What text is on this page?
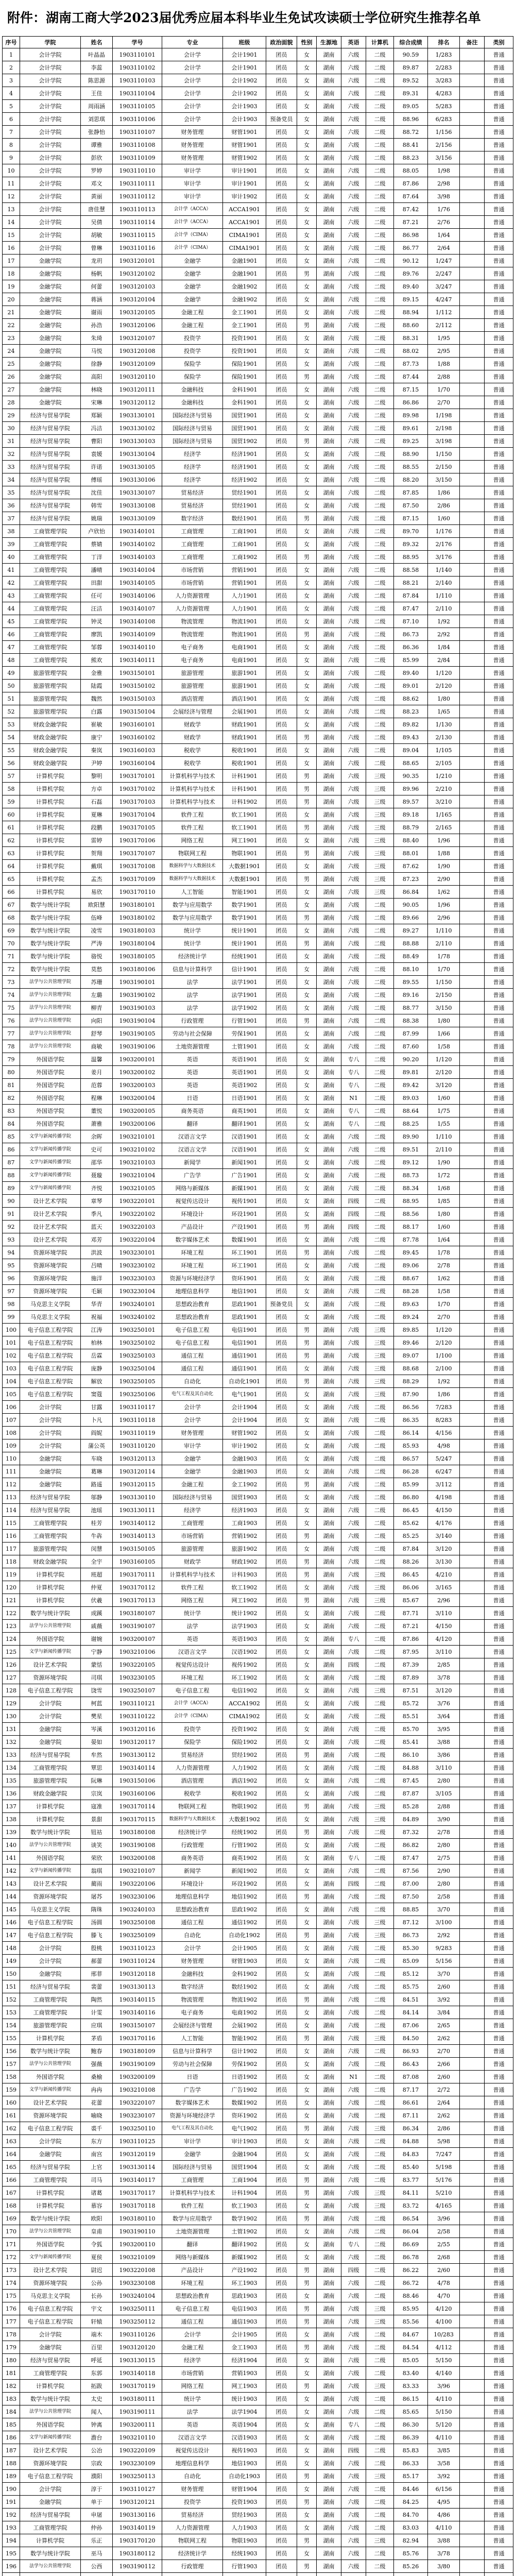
附件：湖南工商大学2023届优秀应届本科毕业生免试攻读硕士学位研究生推荐名单
序号	学院	姓名	学号	专业	班级	政治面貌	性别	生源地	英语	计算机	综合成绩	排名	备注	类别
1	会计学院	叶晶晶	1903110101	会计学	会计1901	团员	女	湖南	六级	二级	90.59	1/283		普通
2	会计学院	李蕊	1903110102	会计学	会计1901	团员	女	湖南	六级	二级	89.87	2/283		普通
3	会计学院	陈思源	1903110103	会计学	会计1902	团员	女	湖南	六级	二级	89.52	3/283		普通
4	会计学院	王佳	1903110104	会计学	会计1902	团员	女	湖南	六级	二级	89.31	4/283		普通
5	会计学院	周雨涵	1903110105	会计学	会计1903	团员	女	湖南	六级	二级	89.05	5/283		普通
6	会计学院	刘思琪	1903110106	会计学	会计1903	预备党员	女	湖南	六级	二级	88.96	6/283		普通
7	会计学院	张静怡	1903110107	财务管理	财管1901	团员	女	湖南	六级	二级	88.72	1/156		普通
8	会计学院	谭雅	1903110108	财务管理	财管1901	团员	女	湖南	六级	二级	88.41	2/156		普通
9	会计学院	彭欣	1903110109	财务管理	财管1902	团员	女	湖南	六级	二级	88.23	3/156		普通
10	会计学院	罗婷	1903110110	审计学	审计1901	团员	女	湖南	六级	二级	88.05	1/98		普通
11	会计学院	邓文	1903110111	审计学	审计1901	团员	女	湖南	六级	二级	87.86	2/98		普通
12	会计学院	黄丽	1903110112	审计学	审计1902	团员	女	湖南	六级	二级	87.64	3/98		普通
13	会计学院	唐佳慧	1903110113	会计学（ACCA）	ACCA1901	团员	女	湖南	六级	二级	87.42	1/76		普通
14	会计学院	吴倩	1903110114	会计学（ACCA）	ACCA1901	团员	女	湖南	六级	二级	87.21	2/76		普通
15	会计学院	胡敏	1903110115	会计学（CIMA）	CIMA1901	团员	女	湖南	六级	二级	86.98	1/64		普通
16	会计学院	曾琳	1903110116	会计学（CIMA）	CIMA1901	团员	女	湖南	六级	二级	86.77	2/64		普通
17	金融学院	龙玥	1903120101	金融学	金融1901	团员	女	湖南	六级	二级	90.12	1/247		普通
18	金融学院	杨帆	1903120102	金融学	金融1901	团员	男	湖南	六级	二级	89.76	2/247		普通
19	金融学院	何蕾	1903120103	金融学	金融1902	团员	女	湖南	六级	二级	89.40	3/247		普通
20	金融学院	蒋涵	1903120104	金融学	金融1902	团员	女	湖南	六级	二级	89.15	4/247		普通
21	金融学院	谢雨	1903120105	金融工程	金工1901	团员	女	湖南	六级	二级	88.94	1/112		普通
22	金融学院	孙浩	1903120106	金融工程	金工1901	团员	男	湖南	六级	二级	88.60	2/112		普通
23	金融学院	朱琦	1903120107	投资学	投资1901	团员	女	湖南	六级	二级	88.31	1/95		普通
24	金融学院	马悦	1903120108	投资学	投资1901	团员	女	湖南	六级	二级	88.02	2/95		普通
25	金融学院	徐静	1903120109	保险学	保险1901	团员	女	湖南	六级	二级	87.73	1/88		普通
26	金融学院	高阳	1903120110	保险学	保险1901	团员	男	湖南	六级	二级	87.44	2/88		普通
27	金融学院	林晓	1903120111	金融科技	金科1901	团员	女	湖南	六级	二级	87.15	1/70		普通
28	金融学院	宋琳	1903120112	金融科技	金科1901	团员	女	湖南	六级	二级	86.86	2/70		普通
29	经济与贸易学院	郑颖	1903130101	国际经济与贸易	国贸1901	团员	女	湖南	六级	二级	89.98	1/198		普通
30	经济与贸易学院	冯洁	1903130102	国际经济与贸易	国贸1901	团员	女	湖南	六级	二级	89.61	2/198		普通
31	经济与贸易学院	曹阳	1903130103	国际经济与贸易	国贸1902	团员	男	湖南	六级	二级	89.25	3/198		普通
32	经济与贸易学院	袁媛	1903130104	经济学	经济1901	团员	女	湖南	六级	二级	88.90	1/150		普通
33	经济与贸易学院	许诺	1903130105	经济学	经济1901	团员	女	湖南	六级	二级	88.55	2/150		普通
34	经济与贸易学院	傅瑶	1903130106	经济学	经济1902	团员	女	湖南	六级	二级	88.20	3/150		普通
35	经济与贸易学院	沈佳	1903130107	贸易经济	贸经1901	团员	女	湖南	六级	二级	87.85	1/86		普通
36	经济与贸易学院	韩雪	1903130108	贸易经济	贸经1901	团员	女	湖南	六级	二级	87.50	2/86		普通
37	经济与贸易学院	姚瑞	1903130109	数字经济	数经1901	团员	男	湖南	六级	二级	87.15	1/60		普通
38	工商管理学院	卢欣怡	1903140101	工商管理	工商1901	团员	女	湖南	六级	二级	89.70	1/176		普通
39	工商管理学院	蔡婧	1903140102	工商管理	工商1901	团员	女	湖南	六级	二级	89.32	2/176		普通
40	工商管理学院	丁洋	1903140103	工商管理	工商1902	团员	男	湖南	六级	二级	88.95	3/176		普通
41	工商管理学院	潘晴	1903140104	市场营销	营销1901	团员	女	湖南	六级	二级	88.58	1/140		普通
42	工商管理学院	田甜	1903140105	市场营销	营销1901	团员	女	湖南	六级	二级	88.21	2/140		普通
43	工商管理学院	任可	1903140106	人力资源管理	人力1901	团员	女	湖南	六级	二级	87.84	1/110		普通
44	工商管理学院	汪洁	1903140107	人力资源管理	人力1901	团员	女	湖南	六级	二级	87.47	2/110		普通
45	工商管理学院	钟灵	1903140108	物流管理	物流1901	团员	女	湖南	六级	二级	87.10	1/92		普通
46	工商管理学院	廖凯	1903140109	物流管理	物流1901	团员	男	湖南	六级	二级	86.73	2/92		普通
47	工商管理学院	邹蓉	1903140110	电子商务	电商1901	团员	女	湖南	六级	二级	86.36	1/84		普通
48	工商管理学院	熊欢	1903140111	电子商务	电商1901	团员	女	湖南	六级	二级	85.99	2/84		普通
49	旅游管理学院	金雅	1903150101	旅游管理	旅游1901	团员	女	湖南	六级	二级	89.40	1/120		普通
50	旅游管理学院	陆霞	1903150102	旅游管理	旅游1901	团员	女	湖南	六级	二级	89.01	2/120		普通
51	旅游管理学院	魏然	1903150103	酒店管理	酒店1901	团员	女	湖南	六级	二级	88.62	1/80		普通
52	旅游管理学院	白露	1903150104	会展经济与管理	会展1901	团员	女	湖南	六级	二级	88.23	1/65		普通
53	财政金融学院	崔敏	1903160101	财政学	财政1901	团员	女	湖南	六级	二级	89.82	1/130		普通
54	财政金融学院	康宁	1903160102	财政学	财政1901	团员	男	湖南	六级	二级	89.43	2/130		普通
55	财政金融学院	秦岚	1903160103	税收学	税收1901	团员	女	湖南	六级	二级	89.04	1/105		普通
56	财政金融学院	尹婷	1903160104	税收学	税收1901	团员	女	湖南	六级	二级	88.65	2/105		普通
57	计算机学院	黎明	1903170101	计算机科学与技术	计科1901	团员	男	湖南	六级	三级	90.35	1/210		普通
58	计算机学院	方卓	1903170102	计算机科学与技术	计科1901	团员	男	湖南	六级	三级	89.96	2/210		普通
59	计算机学院	石磊	1903170103	计算机科学与技术	计科1902	团员	男	湖南	六级	三级	89.57	3/210		普通
60	计算机学院	夏琳	1903170104	软件工程	软工1901	团员	女	湖南	六级	三级	89.18	1/165		普通
61	计算机学院	段鹏	1903170105	软件工程	软工1901	团员	男	湖南	六级	三级	88.79	2/165		普通
62	计算机学院	雷婷	1903170106	网络工程	网工1901	团员	女	湖南	六级	三级	88.40	1/96		普通
63	计算机学院	贺翔	1903170107	物联网工程	物联1901	团员	男	湖南	六级	三级	88.01	1/88		普通
64	计算机学院	戴琪	1903170108	数据科学与大数据技术	大数据1901	团员	女	湖南	六级	三级	87.62	1/90		普通
65	计算机学院	孟杰	1903170109	数据科学与大数据技术	大数据1901	团员	男	湖南	六级	三级	87.23	2/90		普通
66	计算机学院	易欣	1903170110	人工智能	智能1901	团员	女	湖南	六级	三级	86.84	1/62		普通
67	数学与统计学院	欧阳慧	1903180101	数学与应用数学	数学1901	团员	女	湖南	六级	二级	90.05	1/96		普通
68	数学与统计学院	伍峰	1903180102	数学与应用数学	数学1901	团员	男	湖南	六级	二级	89.66	2/96		普通
69	数学与统计学院	凌雪	1903180103	统计学	统计1901	团员	女	湖南	六级	二级	89.27	1/110		普通
70	数学与统计学院	严涛	1903180104	统计学	统计1901	团员	男	湖南	六级	二级	88.88	2/110		普通
71	数学与统计学院	骆悦	1903180105	经济统计学	经统1901	团员	女	湖南	六级	二级	88.49	1/78		普通
72	数学与统计学院	莫愁	1903180106	信息与计算科学	信计1901	团员	女	湖南	六级	二级	88.10	1/70		普通
73	法学与公共管理学院	苏珊	1903190101	法学	法学1901	团员	女	湖南	六级	二级	89.55	1/150		普通
74	法学与公共管理学院	左璐	1903190102	法学	法学1901	团员	女	湖南	六级	二级	89.16	2/150		普通
75	法学与公共管理学院	柳青	1903190103	法学	法学1902	团员	女	湖南	六级	二级	88.77	3/150		普通
76	法学与公共管理学院	向阳	1903190104	行政管理	行管1901	团员	男	湖南	六级	二级	88.38	1/80		普通
77	法学与公共管理学院	舒琴	1903190105	劳动与社会保障	劳保1901	团员	女	湖南	六级	二级	87.99	1/66		普通
78	法学与公共管理学院	商敏	1903190106	土地资源管理	土管1901	团员	女	湖南	六级	二级	87.60	1/58		普通
79	外国语学院	温馨	1903200101	英语	英语1901	团员	女	湖南	专八	二级	90.20	1/120		普通
80	外国语学院	姜月	1903200102	英语	英语1901	团员	女	湖南	专八	二级	89.81	2/120		普通
81	外国语学院	范蓉	1903200103	英语	英语1902	团员	女	湖南	专八	二级	89.42	3/120		普通
82	外国语学院	程琳	1903200104	日语	日语1901	团员	女	湖南	N1	二级	89.03	1/60		普通
83	外国语学院	董悦	1903200105	商务英语	商英1901	团员	女	湖南	专八	二级	88.64	1/75		普通
84	外国语学院	萧雅	1903200106	翻译	翻译1901	团员	女	湖南	专八	二级	88.25	1/55		普通
85	文学与新闻传播学院	余晖	1903210101	汉语言文学	汉语1901	团员	女	湖南	六级	二级	89.90	1/110		普通
86	文学与新闻传播学院	史可	1903210102	汉语言文学	汉语1901	团员	女	湖南	六级	二级	89.51	2/110		普通
87	文学与新闻传播学院	邵华	1903210103	新闻学	新闻1901	团员	女	湖南	六级	二级	89.12	1/90		普通
88	文学与新闻传播学院	聂璇	1903210104	广告学	广告1901	团员	女	湖南	六级	二级	88.73	1/72		普通
89	文学与新闻传播学院	齐悦	1903210105	网络与新媒体	新媒1901	团员	女	湖南	六级	二级	88.34	1/68		普通
90	设计艺术学院	章琴	1903220101	视觉传达设计	视传1901	团员	女	湖南	四级	二级	88.95	1/85		普通
91	设计艺术学院	季凡	1903220102	环境设计	环设1901	团员	女	湖南	四级	二级	88.56	1/80		普通
92	设计艺术学院	蓝天	1903220103	产品设计	产设1901	团员	男	湖南	四级	二级	88.17	1/60		普通
93	设计艺术学院	邓芳	1903220104	数字媒体艺术	数媒1901	团员	女	湖南	六级	二级	87.78	1/64		普通
94	资源环境学院	洪波	1903230101	环境工程	环工1901	团员	男	湖南	六级	二级	89.45	1/78		普通
95	资源环境学院	吕晴	1903230102	环境工程	环工1901	团员	女	湖南	六级	二级	89.06	2/78		普通
96	资源环境学院	施洋	1903230103	资源与环境经济学	资环1901	团员	女	湖南	六级	二级	88.67	1/62		普通
97	资源环境学院	毛颖	1903230104	地理信息科学	地信1901	团员	女	湖南	六级	二级	88.28	1/58		普通
98	马克思主义学院	华青	1903240101	思想政治教育	思政1901	预备党员	女	湖南	六级	二级	89.63	1/70		普通
99	马克思主义学院	祝福	1903240102	思想政治教育	思政1901	团员	女	湖南	六级	二级	89.24	2/70		普通
100	电子信息工程学院	江涛	1903250101	电子信息工程	电信1901	团员	男	湖南	六级	三级	89.85	1/120		普通
101	电子信息工程学院	柏林	1903250102	电子信息工程	电信1901	团员	男	湖南	六级	三级	89.46	2/120		普通
102	电子信息工程学院	岳霖	1903250103	通信工程	通信1901	团员	男	湖南	六级	三级	89.07	1/100		普通
103	电子信息工程学院	庞静	1903250104	通信工程	通信1901	团员	女	湖南	六级	三级	88.68	2/100		普通
104	电子信息工程学院	解放	1903250105	自动化	自动化1901	团员	男	湖南	六级	三级	88.29	1/92		普通
105	电子信息工程学院	窦蔻	1903250106	电气工程及其自动化	电气1901	团员	女	湖南	六级	三级	87.90	1/86		普通
106	会计学院	甘露	1903110117	会计学	会计1904	团员	女	湖南	六级	二级	86.56	7/283		普通
107	会计学院	卜凡	1903110118	会计学	会计1904	团员	女	湖南	六级	二级	86.35	8/283		普通
108	会计学院	阎妮	1903110119	财务管理	财管1902	团员	女	湖南	六级	二级	86.14	4/156		普通
109	会计学院	蒲公英	1903110120	审计学	审计1902	团员	女	湖南	六级	二级	85.93	4/98		普通
110	金融学院	车晓	1903120113	金融学	金融1903	团员	女	湖南	六级	二级	86.57	5/247		普通
111	金融学院	葛琳	1903120114	金融学	金融1903	团员	女	湖南	六级	二级	86.28	6/247		普通
112	金融学院	路遥	1903120115	金融工程	金工1902	团员	男	湖南	六级	二级	85.99	3/112		普通
113	经济与贸易学院	邬静	1903130110	国际经济与贸易	国贸1903	团员	女	湖南	六级	二级	86.80	4/198		普通
114	经济与贸易学院	池瑶	1903130111	经济学	经济1903	团员	女	湖南	六级	二级	86.45	4/150		普通
115	工商管理学院	桂芳	1903140112	工商管理	工商1903	团员	女	湖南	六级	二级	85.62	4/176		普通
116	工商管理学院	牛犇	1903140113	市场营销	营销1902	团员	男	湖南	六级	二级	85.25	3/140		普通
117	旅游管理学院	闵慧	1903150105	旅游管理	旅游1902	团员	女	湖南	六级	二级	87.84	3/120		普通
118	财政金融学院	全宇	1903160105	财政学	财政1902	团员	男	湖南	六级	二级	88.26	3/130		普通
119	计算机学院	班超	1903170111	计算机科学与技术	计科1903	团员	男	湖南	六级	三级	86.45	4/210		普通
120	计算机学院	仲夏	1903170112	软件工程	软工1902	团员	女	湖南	六级	三级	86.06	3/165		普通
121	计算机学院	伏羲	1903170113	网络工程	网工1902	团员	男	湖南	六级	三级	85.67	2/96		普通
122	数学与统计学院	成蹊	1903180107	统计学	统计1902	团员	女	湖南	六级	二级	87.71	3/110		普通
123	法学与公共管理学院	戚薇	1903190107	法学	法学1903	团员	女	湖南	六级	二级	87.21	4/150		普通
124	外国语学院	谢婉	1903200107	英语	英语1903	团员	女	湖南	专八	二级	87.86	4/120		普通
125	文学与新闻传播学院	宁静	1903210106	汉语言文学	汉语1902	团员	女	湖南	六级	二级	87.95	3/110		普通
126	设计艺术学院	蒙恬	1903220105	视觉传达设计	视传1902	团员	女	湖南	四级	二级	87.39	2/85		普通
127	资源环境学院	司琪	1903230105	环境工程	环工1902	团员	女	湖南	六级	二级	87.89	3/78		普通
128	电子信息工程学院	饶雪	1903250107	电子信息工程	电信1902	团员	女	湖南	六级	三级	87.51	3/120		普通
129	会计学院	柯蓝	1903110121	会计学（ACCA）	ACCA1902	团员	女	湖南	六级	二级	85.72	3/76		普通
130	会计学院	樊星	1903110122	会计学（CIMA）	CIMA1902	团员	女	湖南	六级	二级	85.51	3/64		普通
131	金融学院	岑溪	1903120116	投资学	投资1902	团员	女	湖南	六级	二级	85.70	3/95		普通
132	金融学院	晏如	1903120117	保险学	保险1902	团员	女	湖南	六级	二级	85.41	3/88		普通
133	经济与贸易学院	牟然	1903130112	贸易经济	贸经1902	团员	男	湖南	六级	二级	86.10	3/86		普通
134	工商管理学院	覃思	1903140114	人力资源管理	人力1902	团员	女	湖南	六级	二级	84.88	3/110		普通
135	旅游管理学院	阮琳	1903150106	酒店管理	酒店1902	团员	女	湖南	六级	二级	87.45	2/80		普通
136	财政金融学院	宗岚	1903160106	税收学	税收1902	团员	女	湖南	六级	二级	87.87	3/105		普通
137	计算机学院	寇准	1903170114	物联网工程	物联1902	团员	男	湖南	六级	三级	85.28	2/88		普通
138	计算机学院	景甜	1903170115	数据科学与大数据技术	大数据1902	团员	女	湖南	六级	三级	84.89	3/90		普通
139	数学与统计学院	钮祜	1903180108	经济统计学	经统1902	团员	男	湖南	六级	二级	87.32	2/78		普通
140	法学与公共管理学院	谈笑	1903190108	行政管理	行管1902	团员	女	湖南	六级	二级	86.82	2/80		普通
141	外国语学院	荣欣	1903200108	商务英语	商英1902	团员	女	湖南	专八	二级	87.47	2/75		普通
142	文学与新闻传播学院	翁琪	1903210107	新闻学	新闻1902	团员	女	湖南	六级	二级	87.56	2/90		普通
143	设计艺术学院	蔺雨	1903220106	环境设计	环设1902	团员	女	湖南	四级	二级	87.00	2/80		普通
144	资源环境学院	屠苏	1903230106	地理信息科学	地信1902	团员	男	湖南	六级	二级	87.50	2/58		普通
145	马克思主义学院	隋珠	1903240103	思想政治教育	思政1902	团员	女	湖南	六级	二级	88.85	3/70		普通
146	电子信息工程学院	汤圆	1903250108	通信工程	通信1902	团员	女	湖南	六级	三级	87.12	3/100		普通
147	电子信息工程学院	滕飞	1903250109	自动化	自动化1902	团员	男	湖南	六级	三级	86.73	2/92		普通
148	会计学院	殷桃	1903110123	会计学	会计1905	团员	女	湖南	六级	二级	85.30	9/283		普通
149	会计学院	郝蕾	1903110124	财务管理	财管1903	团员	女	湖南	六级	二级	85.09	5/156		普通
150	金融学院	邢菲	1903120118	金融科技	金科1902	团员	女	湖南	六级	二级	85.12	3/70		普通
151	经济与贸易学院	裴蕾	1903130113	数字经济	数经1902	团员	女	湖南	六级	二级	85.75	2/60		普通
152	工商管理学院	陶然	1903140115	物流管理	物流1902	团员	男	湖南	六级	二级	84.51	3/92		普通
153	工商管理学院	计雯	1903140116	电子商务	电商1902	团员	女	湖南	六级	二级	84.14	3/84		普通
154	旅游管理学院	应琪	1903150107	会展经济与管理	会展1902	团员	女	湖南	六级	二级	87.06	2/65		普通
155	计算机学院	茅盾	1903170116	人工智能	智能1902	团员	男	湖南	六级	三级	84.50	2/62		普通
156	数学与统计学院	鲍春	1903180109	信息与计算科学	信计1902	团员	女	湖南	六级	二级	86.93	2/70		普通
157	法学与公共管理学院	强薇	1903190109	劳动与社会保障	劳保1902	团员	女	湖南	六级	二级	86.43	2/66		普通
158	外国语学院	桑榆	1903200109	日语	日语1902	团员	女	湖南	N1	二级	87.08	2/60		普通
159	文学与新闻传播学院	冉冉	1903210108	广告学	广告1902	团员	女	湖南	六级	二级	87.17	2/72		普通
160	设计艺术学院	花蕾	1903220107	数字媒体艺术	数媒1902	团员	女	湖南	六级	二级	86.61	2/64		普通
161	资源环境学院	喻晓	1903230107	资源与环境经济学	资环1902	团员	女	湖南	六级	二级	87.11	2/62		普通
162	电子信息工程学院	裘千	1903250110	电气工程及其自动化	电气1902	团员	男	湖南	六级	三级	86.34	2/86		普通
163	会计学院	东方	1903110125	审计学	审计1903	团员	女	湖南	六级	二级	84.88	5/98		普通
164	金融学院	南宫	1903120119	金融学	金融1904	团员	女	湖南	六级	二级	84.83	7/247		普通
165	经济与贸易学院	上官	1903130114	国际经济与贸易	国贸1904	团员	女	湖南	六级	二级	85.40	5/198		普通
166	工商管理学院	司马	1903140117	工商管理	工商1904	团员	男	湖南	六级	二级	83.77	5/176		普通
167	计算机学院	诸葛	1903170117	计算机科学与技术	计科1904	团员	男	湖南	六级	三级	84.11	5/210		普通
168	计算机学院	慕容	1903170118	软件工程	软工1903	团员	女	湖南	六级	三级	83.72	4/165		普通
169	数学与统计学院	欧阳	1903180110	数学与应用数学	数学1902	团员	男	湖南	六级	二级	86.54	3/96		普通
170	法学与公共管理学院	皇甫	1903190110	土地资源管理	土管1902	团员	女	湖南	六级	二级	86.04	2/58		普通
171	外国语学院	令狐	1903200110	翻译	翻译1902	团员	女	湖南	专八	二级	86.69	2/55		普通
172	文学与新闻传播学院	夏侯	1903210109	网络与新媒体	新媒1902	团员	女	湖南	六级	二级	86.78	2/68		普通
173	设计艺术学院	尉迟	1903220108	产品设计	产设1902	团员	男	湖南	四级	二级	86.22	2/60		普通
174	资源环境学院	公孙	1903230108	环境工程	环工1903	团员	男	湖南	六级	二级	86.72	4/78		普通
175	马克思主义学院	长孙	1903240104	思想政治教育	思政1903	团员	女	湖南	六级	二级	88.46	4/70		普通
176	电子信息工程学院	宇文	1903250111	电子信息工程	电信1903	团员	男	湖南	六级	三级	85.95	4/120		普通
177	电子信息工程学院	轩辕	1903250112	通信工程	通信1903	团员	男	湖南	六级	三级	85.56	4/100		普通
178	会计学院	端木	1903110126	会计学	会计1905	团员	女	湖南	六级	二级	84.67	10/283		普通
179	金融学院	百里	1903120120	金融工程	金工1903	团员	男	湖南	六级	二级	84.54	4/112		普通
180	经济与贸易学院	呼延	1903130115	经济学	经济1904	团员	女	湖南	六级	二级	85.05	5/150		普通
181	工商管理学院	东郭	1903140118	市场营销	营销1903	团员	女	湖南	六级	二级	83.40	4/140		普通
182	计算机学院	拓跋	1903170119	网络工程	网工1903	团员	男	湖南	六级	三级	83.33	3/96		普通
183	数学与统计学院	太史	1903180111	统计学	统计1903	团员	女	湖南	六级	二级	86.15	4/110		普通
184	法学与公共管理学院	闻人	1903190111	法学	法学1904	团员	女	湖南	六级	二级	85.65	5/150		普通
185	外国语学院	钟离	1903200111	英语	英语1904	团员	女	湖南	专八	二级	86.30	5/120		普通
186	文学与新闻传播学院	澹台	1903210110	汉语言文学	汉语1903	团员	女	湖南	六级	二级	86.39	4/110		普通
187	设计艺术学院	公冶	1903220109	视觉传达设计	视传1903	团员	女	湖南	四级	二级	85.83	3/85		普通
188	资源环境学院	宗政	1903230109	地理信息科学	地信1903	团员	女	湖南	六级	二级	86.33	3/58		普通
189	电子信息工程学院	濮阳	1903250113	自动化	自动化1903	团员	男	湖南	六级	三级	85.17	3/92		普通
190	会计学院	淳于	1903110127	财务管理	财管1904	团员	女	湖南	六级	二级	84.46	6/156		普通
191	金融学院	单于	1903120121	投资学	投资1903	团员	男	湖南	六级	二级	84.25	4/95		普通
192	经济与贸易学院	申屠	1903130116	贸易经济	贸经1903	团员	女	湖南	六级	二级	84.70	4/86		普通
193	工商管理学院	仲孙	1903140119	人力资源管理	人力1903	团员	女	湖南	六级	二级	83.03	4/110		普通
194	计算机学院	乐正	1903170120	物联网工程	物联1903	团员	男	湖南	六级	三级	82.94	3/88		普通
195	数学与统计学院	巫马	1903180112	经济统计学	经统1903	团员	女	湖南	六级	二级	85.76	3/78		普通
196	法学与公共管理学院	公西	1903190112	行政管理	行管1903	团员	男	湖南	六级	二级	85.26	3/80		普通
